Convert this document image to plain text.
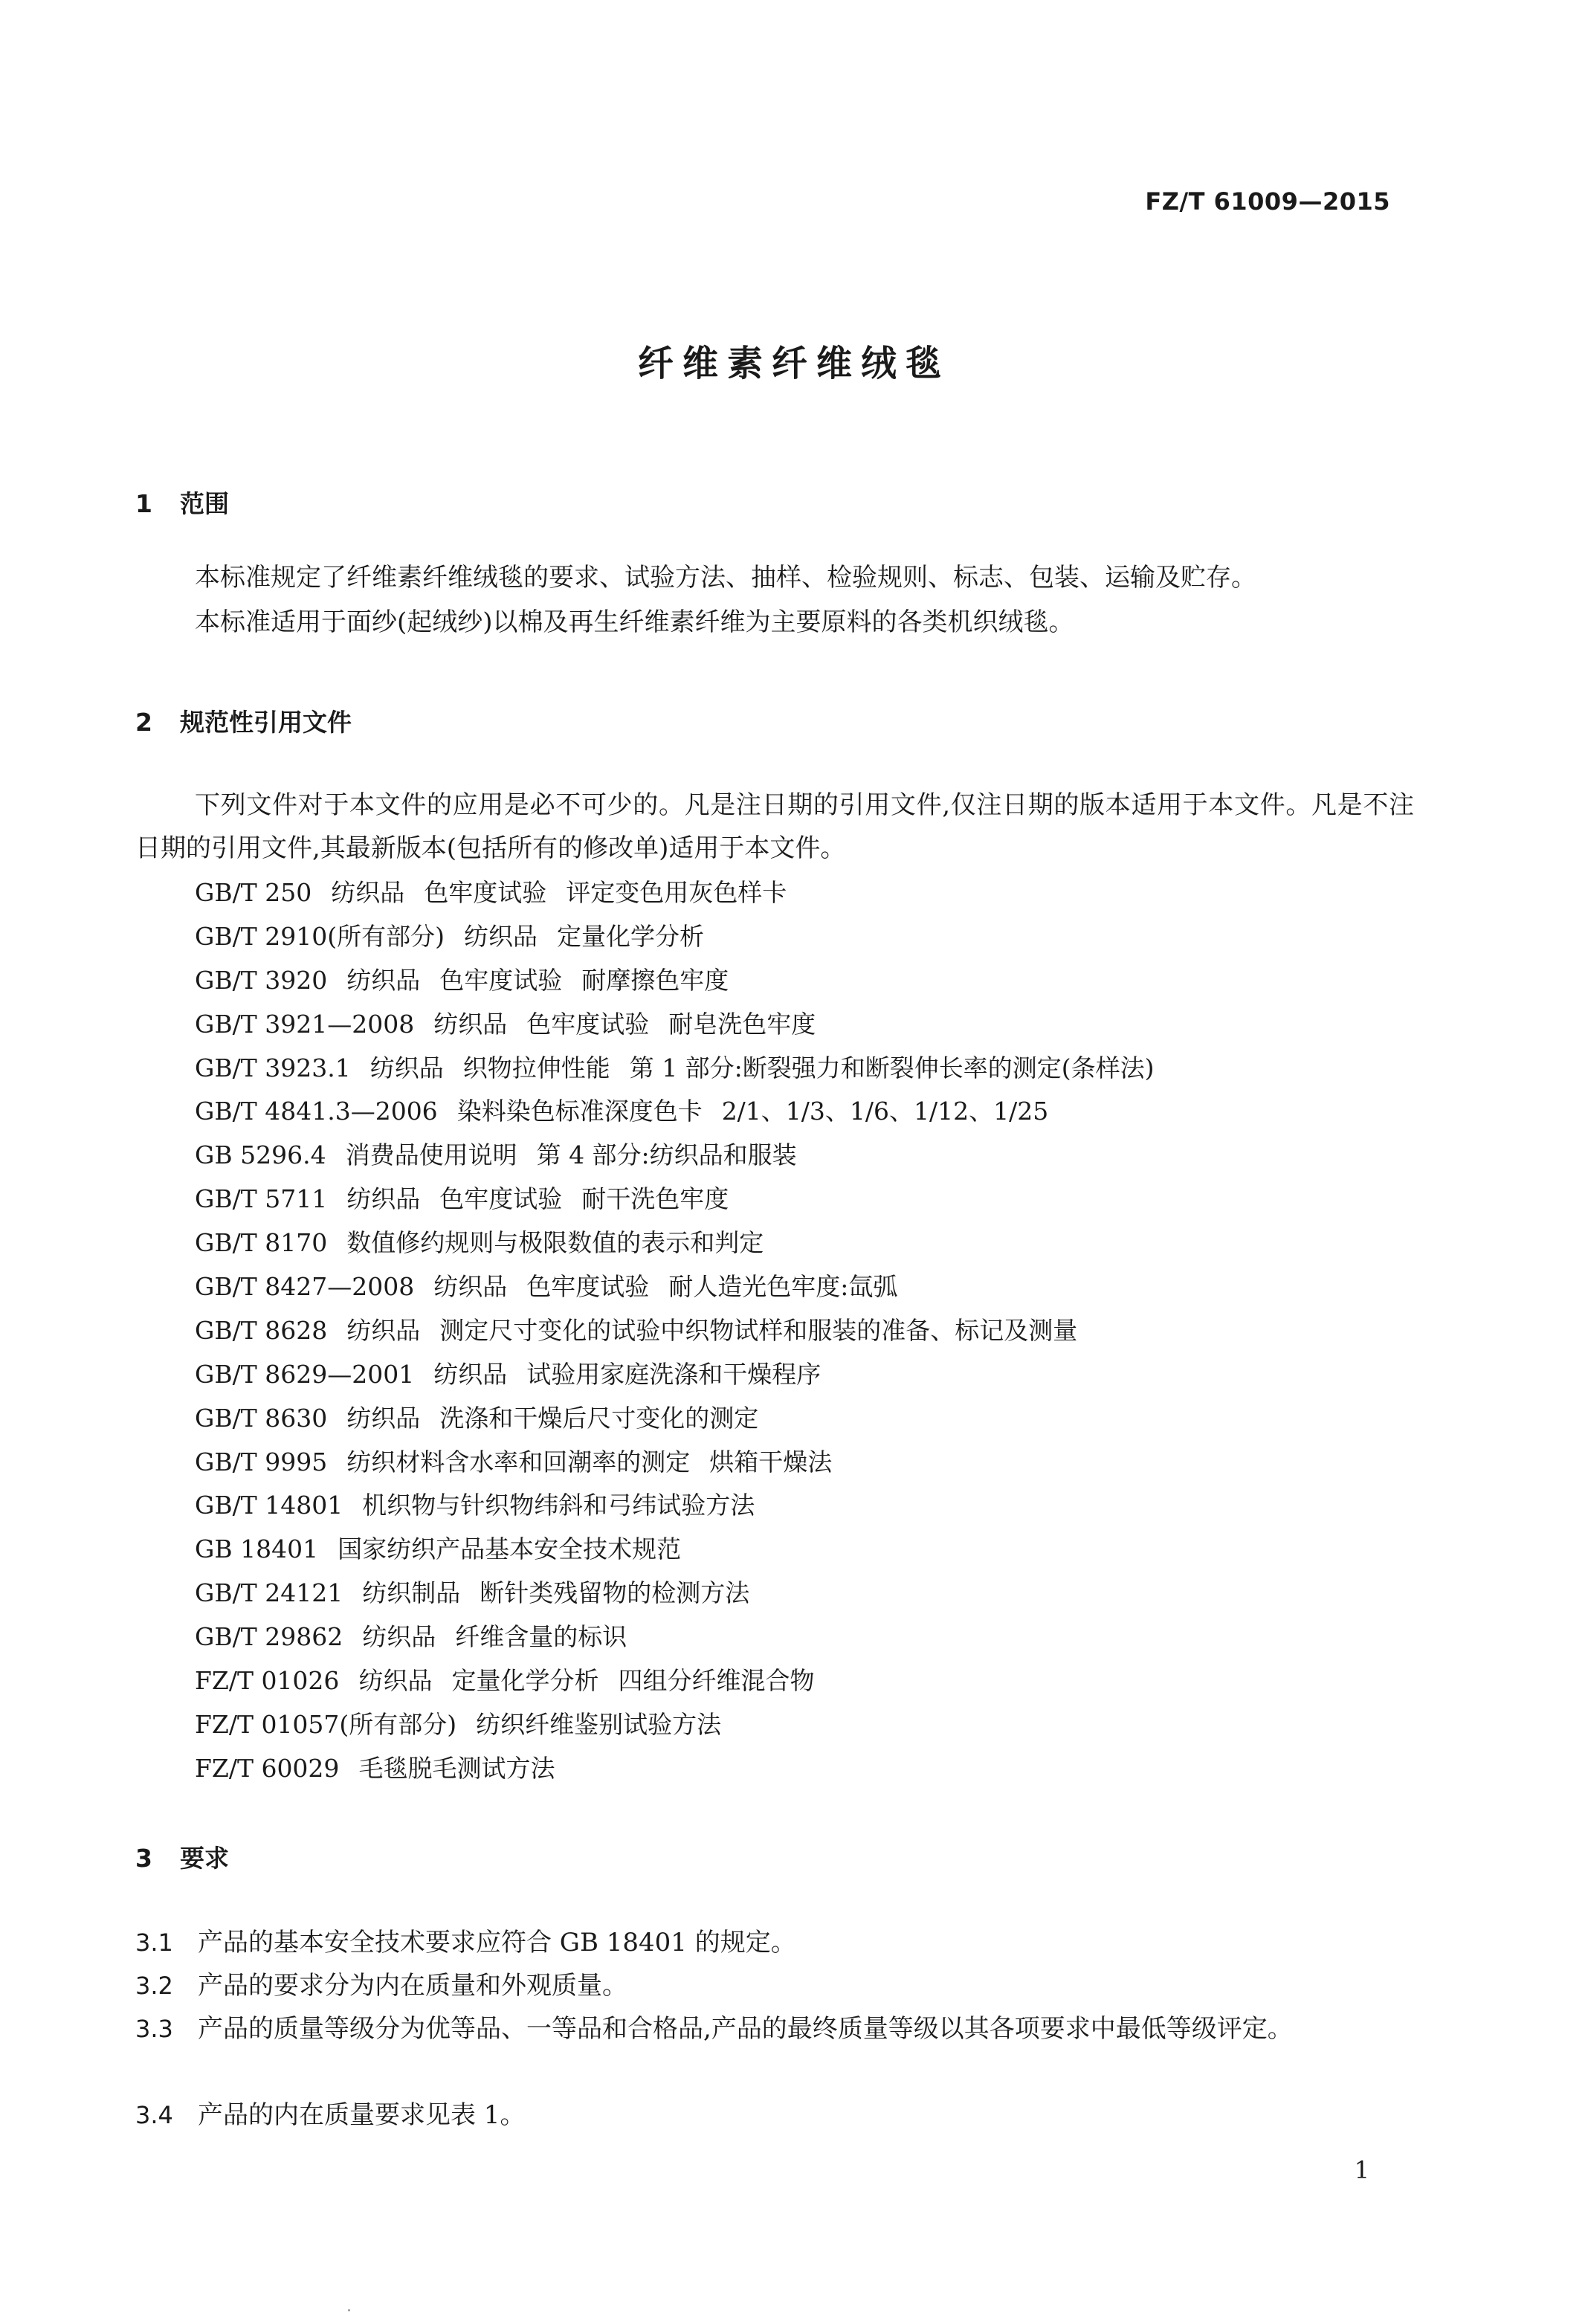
FZ/T 61009—2015
纤维素纤维绒毯
1 范围
本标准规定了纤维素纤维绒毯的要求、试验方法、抽样、检验规则、标志、包装、运输及贮存。
本标准适用于面纱(起绒纱)以棉及再生纤维素纤维为主要原料的各类机织绒毯。
2 规范性引用文件
下列文件对于本文件的应用是必不可少的。凡是注日期的引用文件,仅注日期的版本适用于本文件。凡是不注日期的引用文件,其最新版本(包括所有的修改单)适用于本文件。
GB/T 250 纺织品 色牢度试验 评定变色用灰色样卡
GB/T 2910(所有部分) 纺织品 定量化学分析
GB/T 3920 纺织品 色牢度试验 耐摩擦色牢度
GB/T 3921—2008 纺织品 色牢度试验 耐皂洗色牢度
GB/T 3923.1 纺织品 织物拉伸性能 第 1 部分:断裂强力和断裂伸长率的测定(条样法)
GB/T 4841.3—2006 染料染色标准深度色卡 2/1、1/3、1/6、1/12、1/25
GB 5296.4 消费品使用说明 第 4 部分:纺织品和服装
GB/T 5711 纺织品 色牢度试验 耐干洗色牢度
GB/T 8170 数值修约规则与极限数值的表示和判定
GB/T 8427—2008 纺织品 色牢度试验 耐人造光色牢度:氙弧
GB/T 8628 纺织品 测定尺寸变化的试验中织物试样和服装的准备、标记及测量
GB/T 8629—2001 纺织品 试验用家庭洗涤和干燥程序
GB/T 8630 纺织品 洗涤和干燥后尺寸变化的测定
GB/T 9995 纺织材料含水率和回潮率的测定 烘箱干燥法
GB/T 14801 机织物与针织物纬斜和弓纬试验方法
GB 18401 国家纺织产品基本安全技术规范
GB/T 24121 纺织制品 断针类残留物的检测方法
GB/T 29862 纺织品 纤维含量的标识
FZ/T 01026 纺织品 定量化学分析 四组分纤维混合物
FZ/T 01057(所有部分) 纺织纤维鉴别试验方法
FZ/T 60029 毛毯脱毛测试方法
3 要求
3.1 产品的基本安全技术要求应符合 GB 18401 的规定。
3.2 产品的要求分为内在质量和外观质量。
3.3 产品的质量等级分为优等品、一等品和合格品,产品的最终质量等级以其各项要求中最低等级评定。
3.4 产品的内在质量要求见表 1。
1
